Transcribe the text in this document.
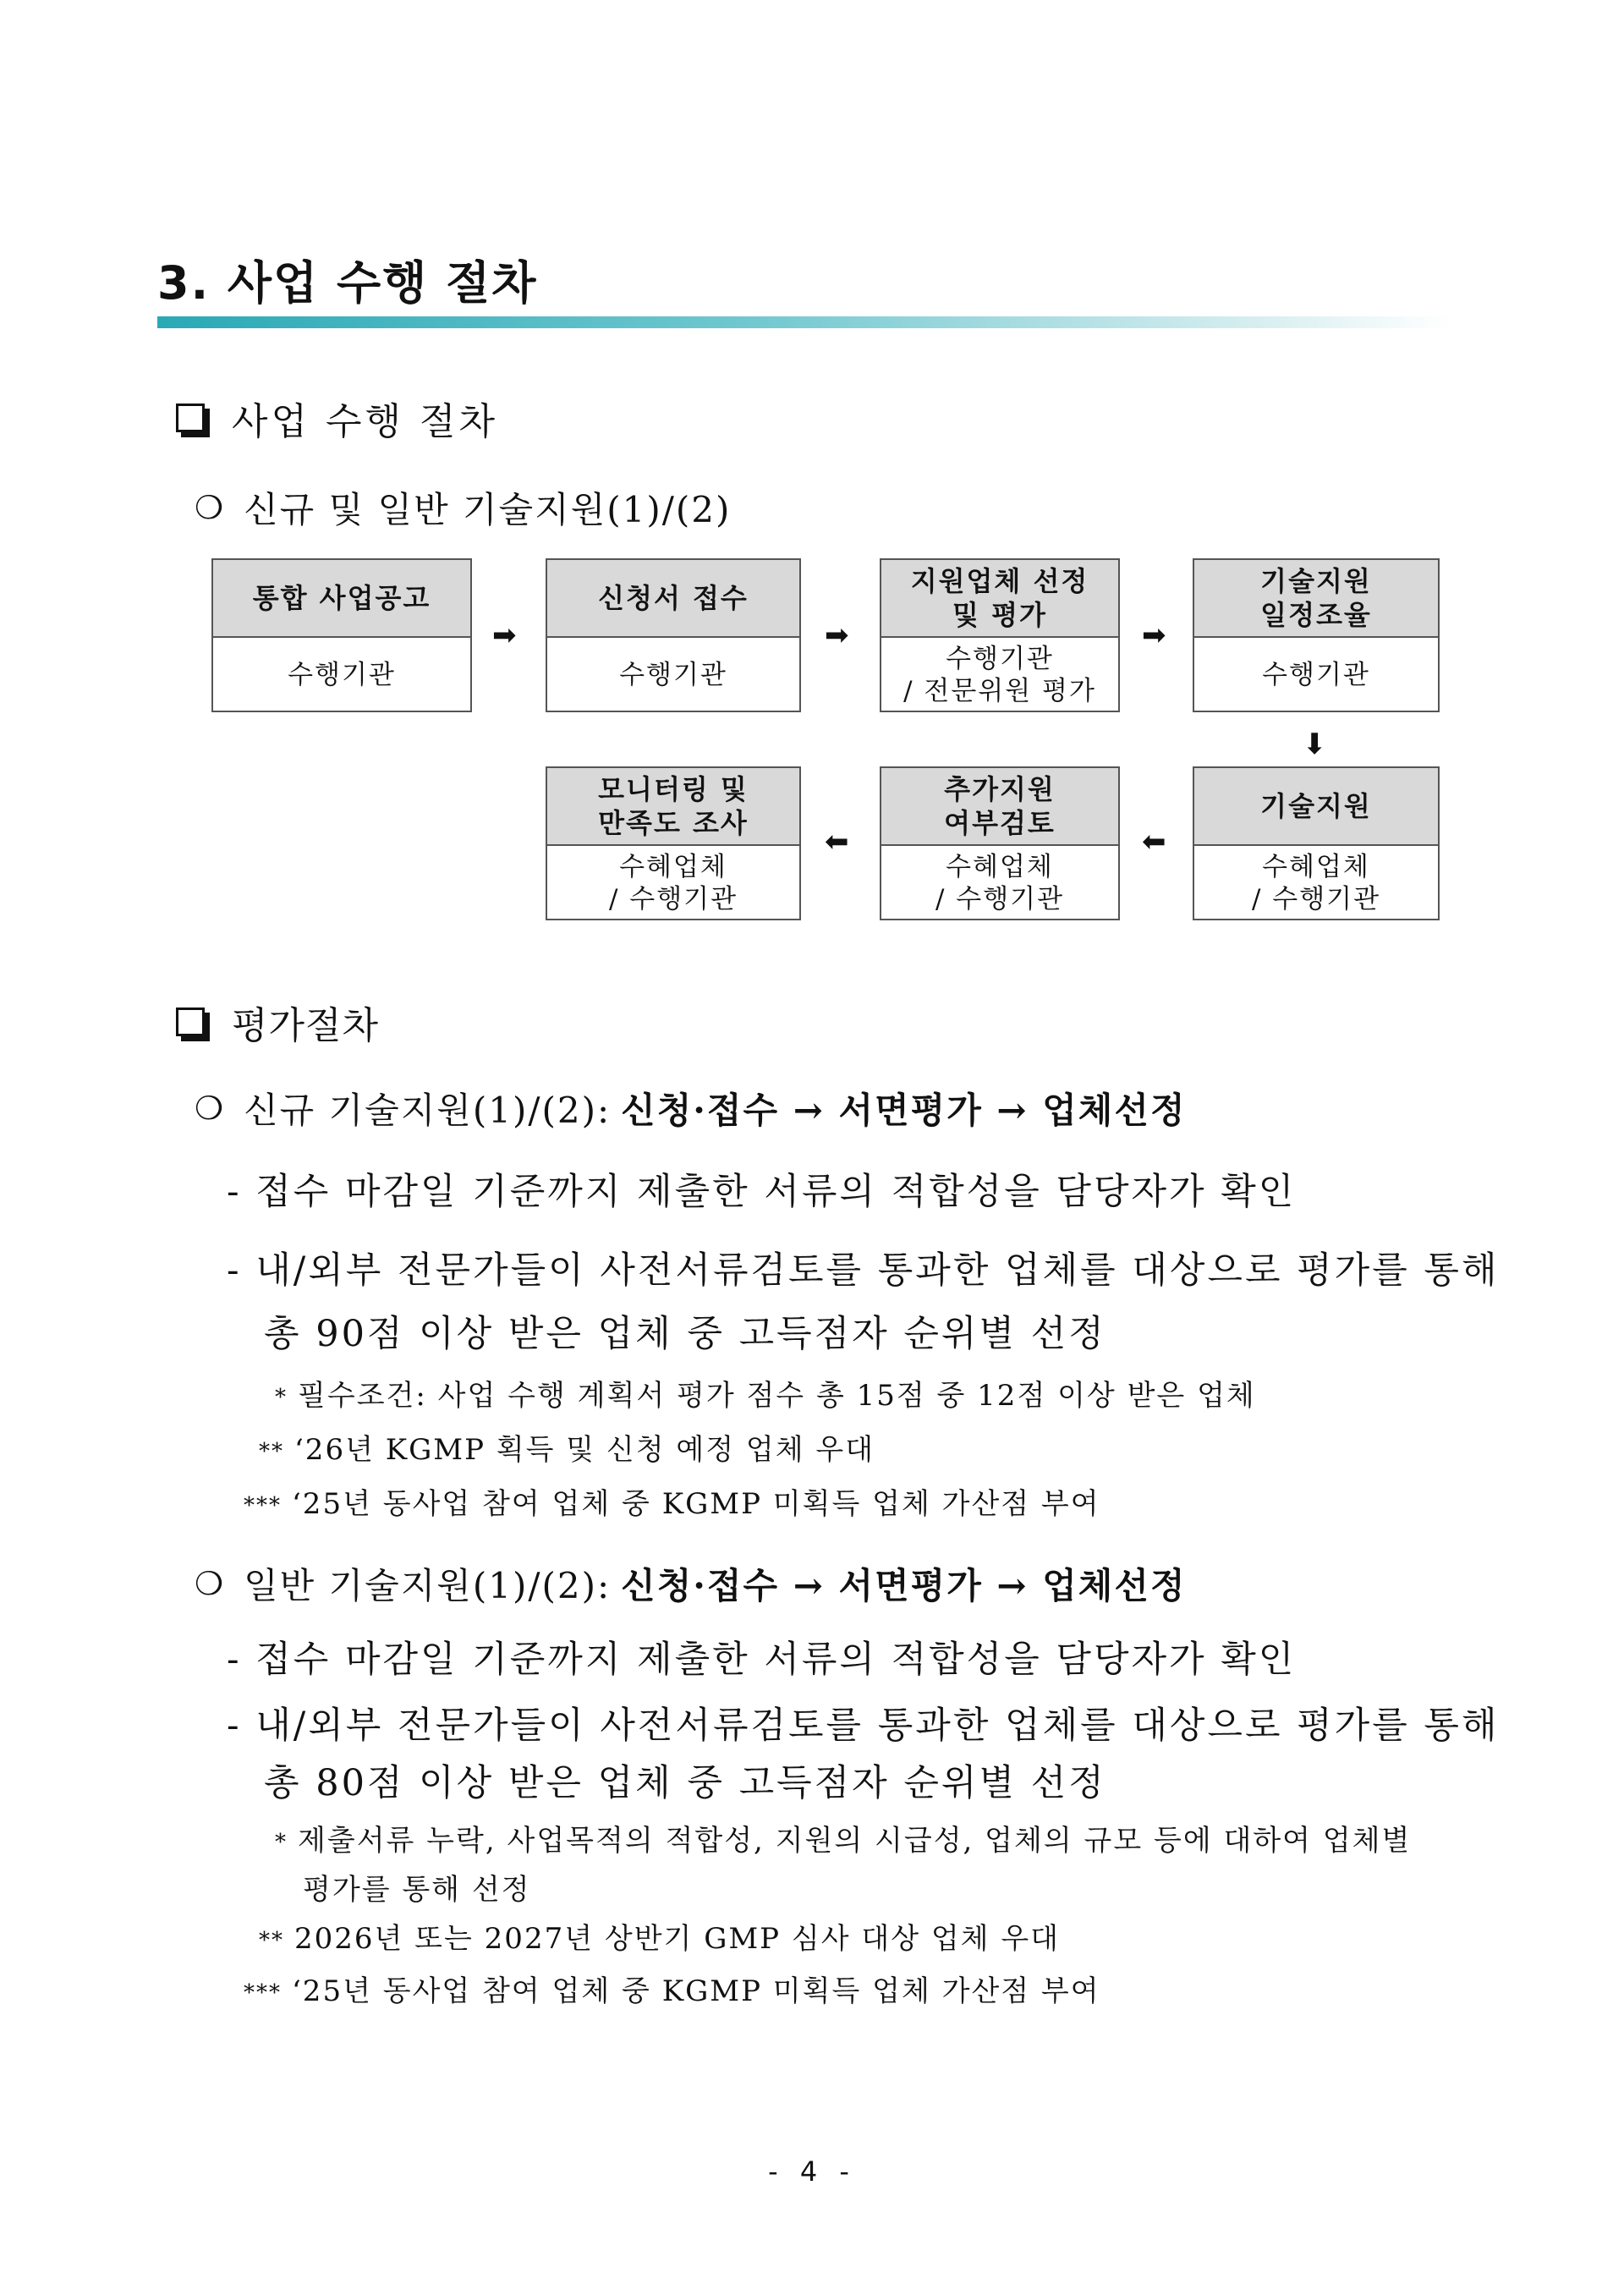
3. 사업 수행 절차
사업 수행 절차
❍ 신규 및 일반 기술지원(1)/(2)
통합 사업공고
수행기관
신청서 접수
수행기관
지원업체 선정
및 평가
수행기관
/ 전문위원 평가
기술지원
일정조율
수행기관
기술지원
수혜업체
/ 수행기관
추가지원
여부검토
수혜업체
/ 수행기관
모니터링 및
만족도 조사
수혜업체
/ 수행기관
➡	➡	➡
⬇
⬅
⬅
평가절차
❍ 신규 기술지원(1)/(2): 신청·접수 → 서면평가 → 업체선정
- 접수 마감일 기준까지 제출한 서류의 적합성을 담당자가 확인
- 내/외부 전문가들이 사전서류검토를 통과한 업체를 대상으로 평가를 통해
총 90점 이상 받은 업체 중 고득점자 순위별 선정
* 필수조건: 사업 수행 계획서 평가 점수 총 15점 중 12점 이상 받은 업체
** ‘26년 KGMP 획득 및 신청 예정 업체 우대
*** ‘25년 동사업 참여 업체 중 KGMP 미획득 업체 가산점 부여
❍ 일반 기술지원(1)/(2): 신청·접수 → 서면평가 → 업체선정
- 접수 마감일 기준까지 제출한 서류의 적합성을 담당자가 확인
- 내/외부 전문가들이 사전서류검토를 통과한 업체를 대상으로 평가를 통해
총 80점 이상 받은 업체 중 고득점자 순위별 선정
* 제출서류 누락, 사업목적의 적합성, 지원의 시급성, 업체의 규모 등에 대하여 업체별
평가를 통해 선정
** 2026년 또는 2027년 상반기 GMP 심사 대상 업체 우대
*** ‘25년 동사업 참여 업체 중 KGMP 미획득 업체 가산점 부여
- 4 -
